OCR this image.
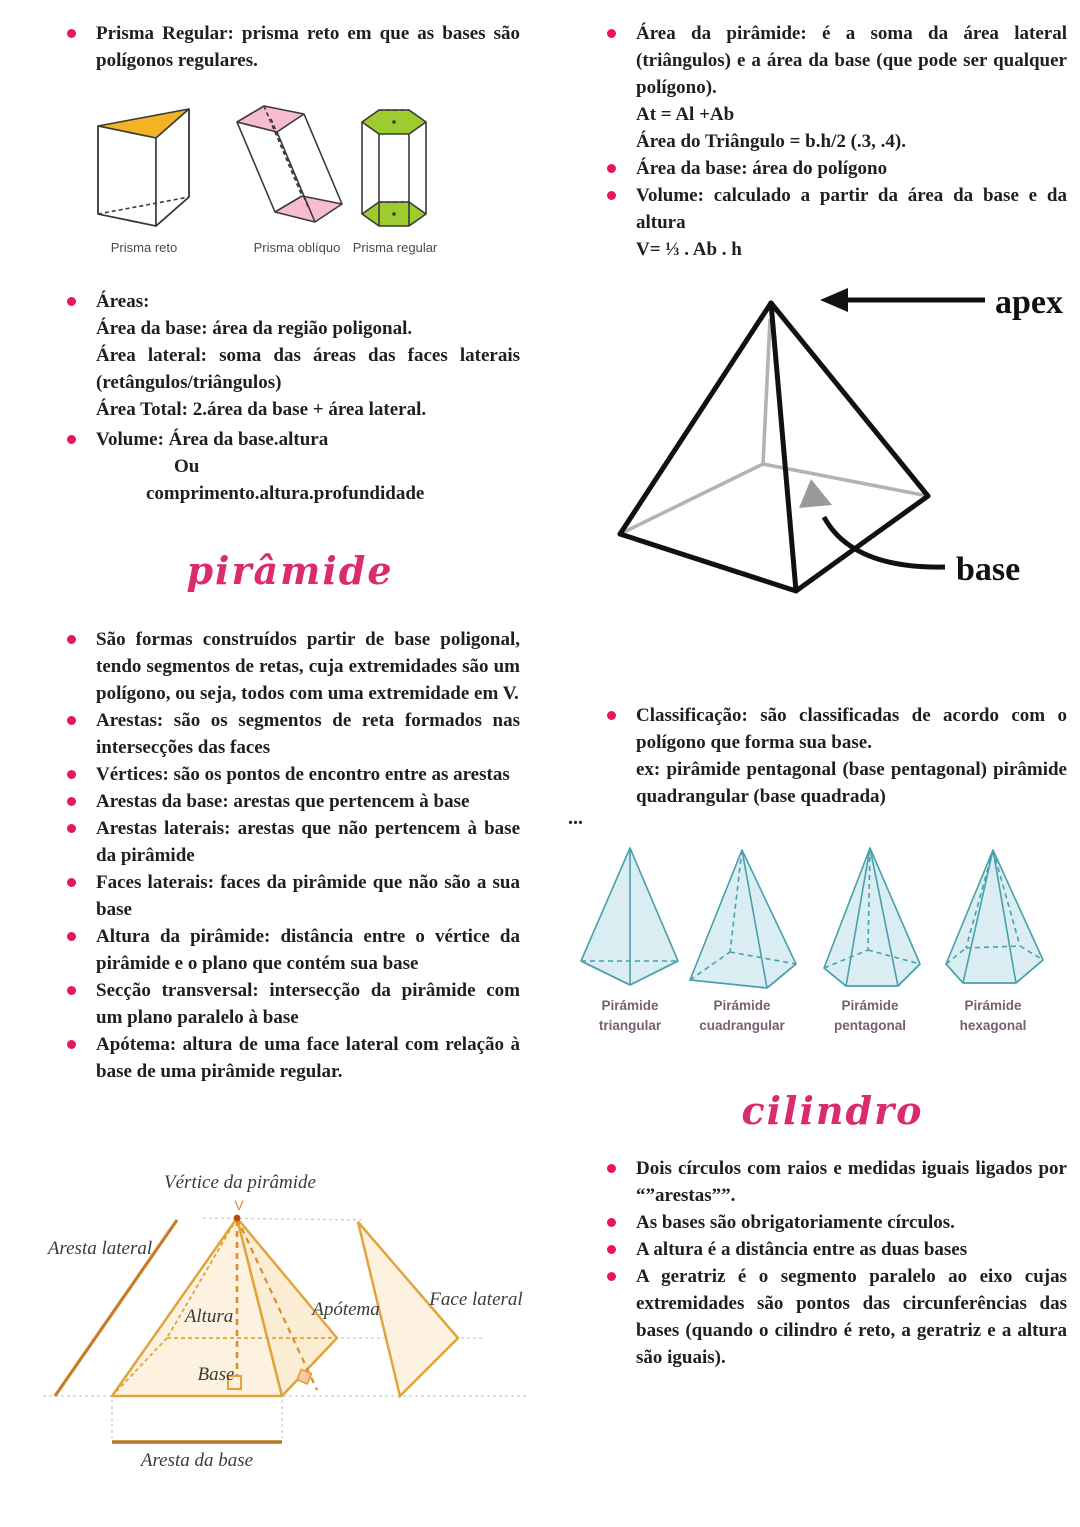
Prisma Regular: prisma reto em que as bases são polígonos regulares.
Prisma reto	Prisma oblíquo Prisma regular
Áreas:
Área da base: área da região poligonal.
Área lateral: soma das áreas das faces laterais (retângulos/triângulos)
Área Total: 2.área da base + área lateral.
Volume: Área da base.altura
Ou
comprimento.altura.profundidade
pirâmide
São formas construídos partir de base poligonal, tendo segmentos de retas, cuja extremidades são um polígono, ou seja, todos com uma extremidade em V.
Arestas: são os segmentos de reta formados nas intersecções das faces
Vértices: são os pontos de encontro entre as arestas
Arestas da base: arestas que pertencem à base
Arestas laterais: arestas que não pertencem à base da pirâmide
Faces laterais: faces da pirâmide que não são a sua base
Altura da pirâmide: distância entre o vértice da pirâmide e o plano que contém sua base
Secção transversal: intersecção da pirâmide com um plano paralelo à base
Apótema: altura de uma face lateral com relação à base de uma pirâmide regular.
V
Vértice da pirâmide
Aresta lateral
Altura	Apótema	Face lateral
Base
Aresta da base
Área da pirâmide: é a soma da área lateral (triângulos) e a área da base (que pode ser qualquer polígono).
At = Al +Ab
Área do Triângulo = b.h/2 (.3, .4).
Área da base: área do polígono
Volume: calculado a partir da área da base e da altura
V= ⅓ . Ab . h
apex
base
Classificação: são classificadas de acordo com o polígono que forma sua base.
ex: pirâmide pentagonal (base pentagonal) pirâmide quadrangular (base quadrada)
...
Pirámide
triangular
Pirámide
cuadrangular
Pirámide
pentagonal
Pirámide
hexagonal
cilindro
Dois círculos com raios e medidas iguais ligados por “”arestas””.
As bases são obrigatoriamente círculos.
A altura é a distância entre as duas bases
A geratriz é o segmento paralelo ao eixo cujas extremidades são pontos das circunferências das bases (quando o cilindro é reto, a geratriz e a altura são iguais).
